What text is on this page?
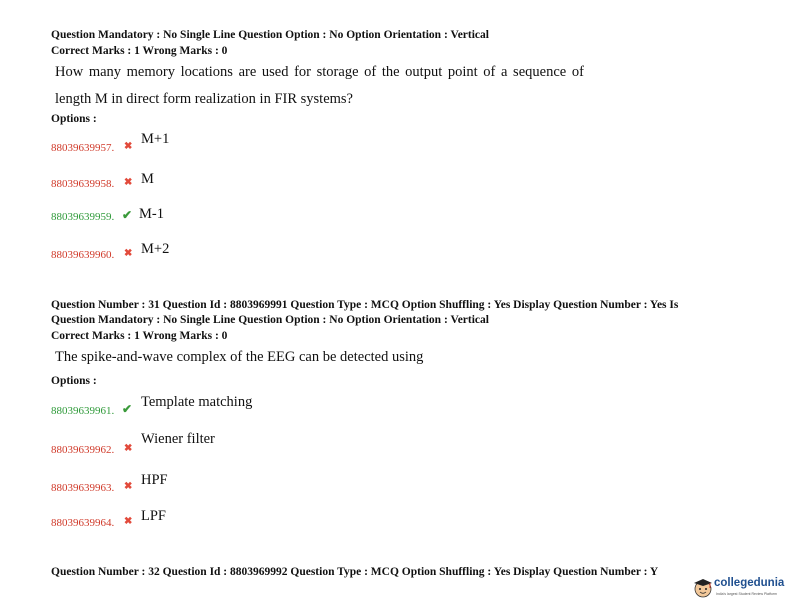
Question Mandatory : No Single Line Question Option : No Option Orientation : Vertical
Correct Marks : 1 Wrong Marks : 0
How many memory locations are used for storage of the output point of a sequence of
length M in direct form realization in FIR systems?
Options :
88039639957. ✖ M+1
88039639958. ✖ M
88039639959. ✔ M-1
88039639960. ✖ M+2
Question Number : 31 Question Id : 8803969991 Question Type : MCQ Option Shuffling : Yes Display Question Number : Yes Is
Question Mandatory : No Single Line Question Option : No Option Orientation : Vertical
Correct Marks : 1 Wrong Marks : 0
The spike-and-wave complex of the EEG can be detected using
Options :
88039639961. ✔ Template matching
88039639962. ✖
Wiener filter
88039639963. ✖ HPF
88039639964. ✖ LPF
Question Number : 32 Question Id : 8803969992 Question Type : MCQ Option Shuffling : Yes Display Question Number : Y
collegedunia
India's largest Student Review Platform
